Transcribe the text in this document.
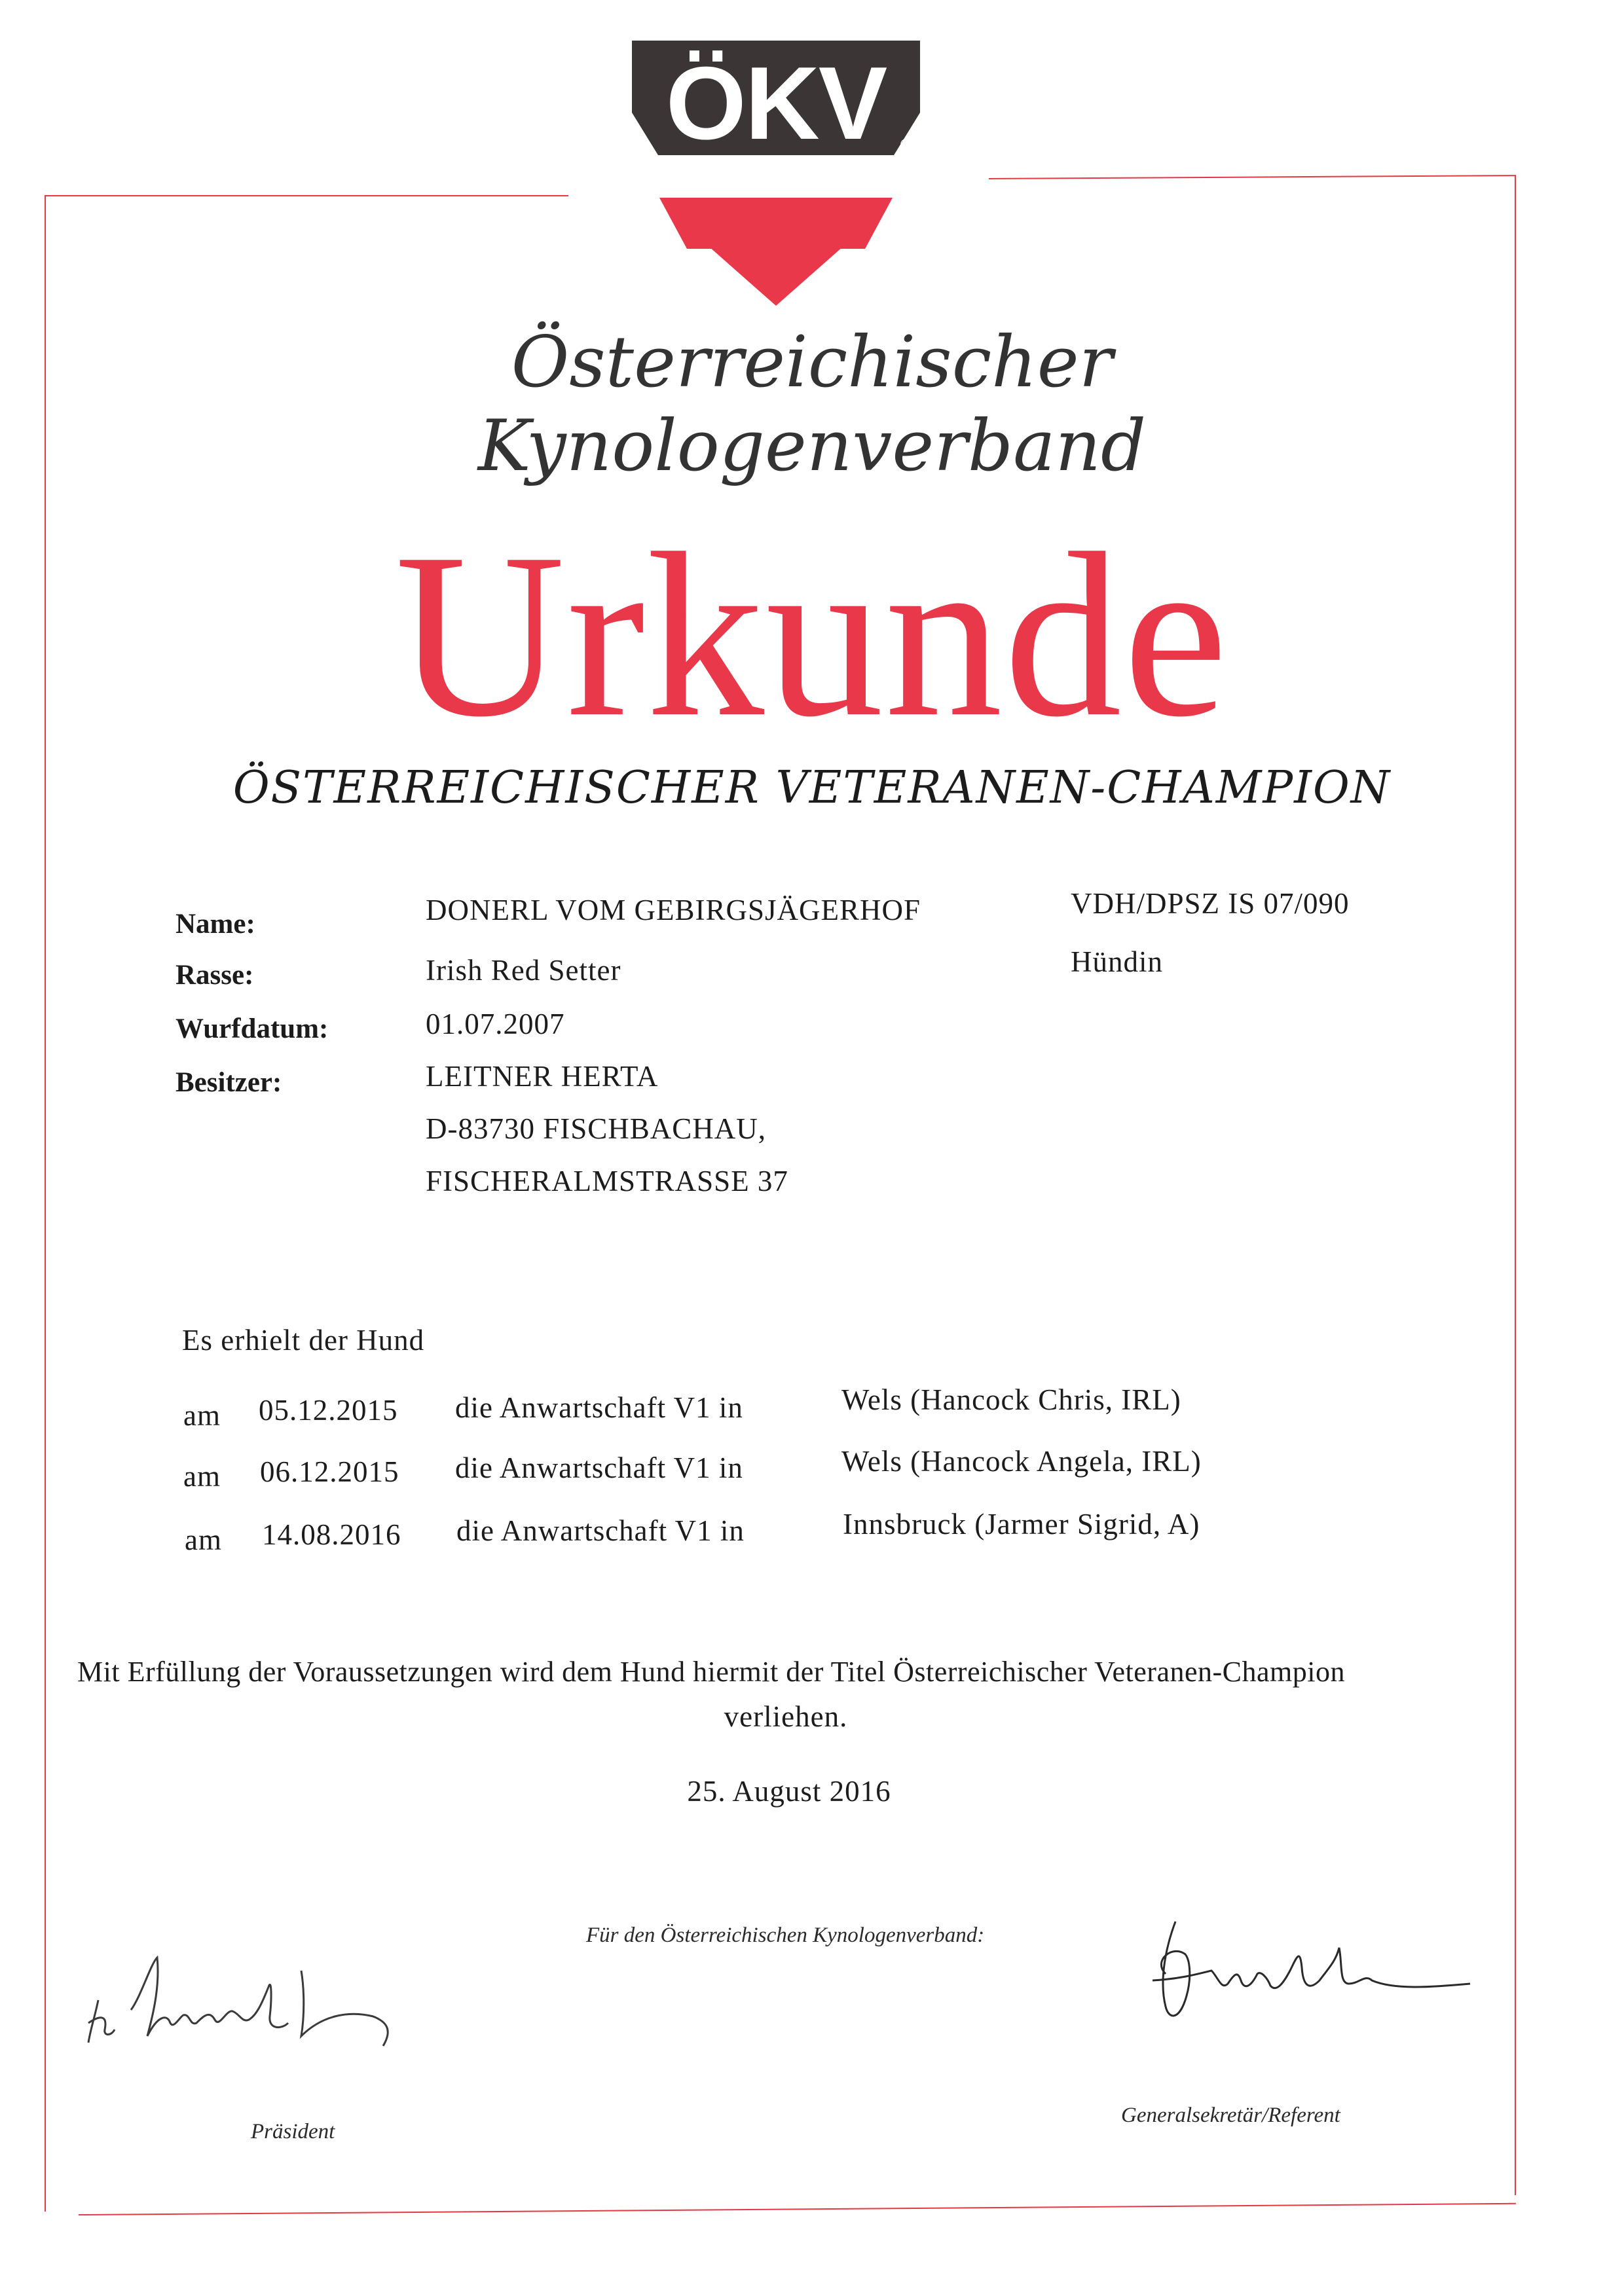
ÖKV ®
Österreichischer
Kynologenverband
Urkunde
ÖSTERREICHISCHER VETERANEN-CHAMPION
Name:	DONERL VOM GEBIRGSJÄGERHOF	VDH/DPSZ IS 07/090
Rasse:	Irish Red Setter	Hündin
Wurfdatum:	01.07.2007
Besitzer:	LEITNER HERTA
D-83730 FISCHBACHAU,
FISCHERALMSTRASSE 37
Es erhielt der Hund
am 05.12.2015 die Anwartschaft V1 in	Wels (Hancock Chris, IRL)
am 06.12.2015 die Anwartschaft V1 in	Wels (Hancock Angela, IRL)
am 14.08.2016 die Anwartschaft V1 in	Innsbruck (Jarmer Sigrid, A)
Mit Erfüllung der Voraussetzungen wird dem Hund hiermit der Titel Österreichischer Veteranen-Champion
verliehen.
25. August 2016
Für den Österreichischen Kynologenverband:
Präsident
Generalsekretär/Referent
